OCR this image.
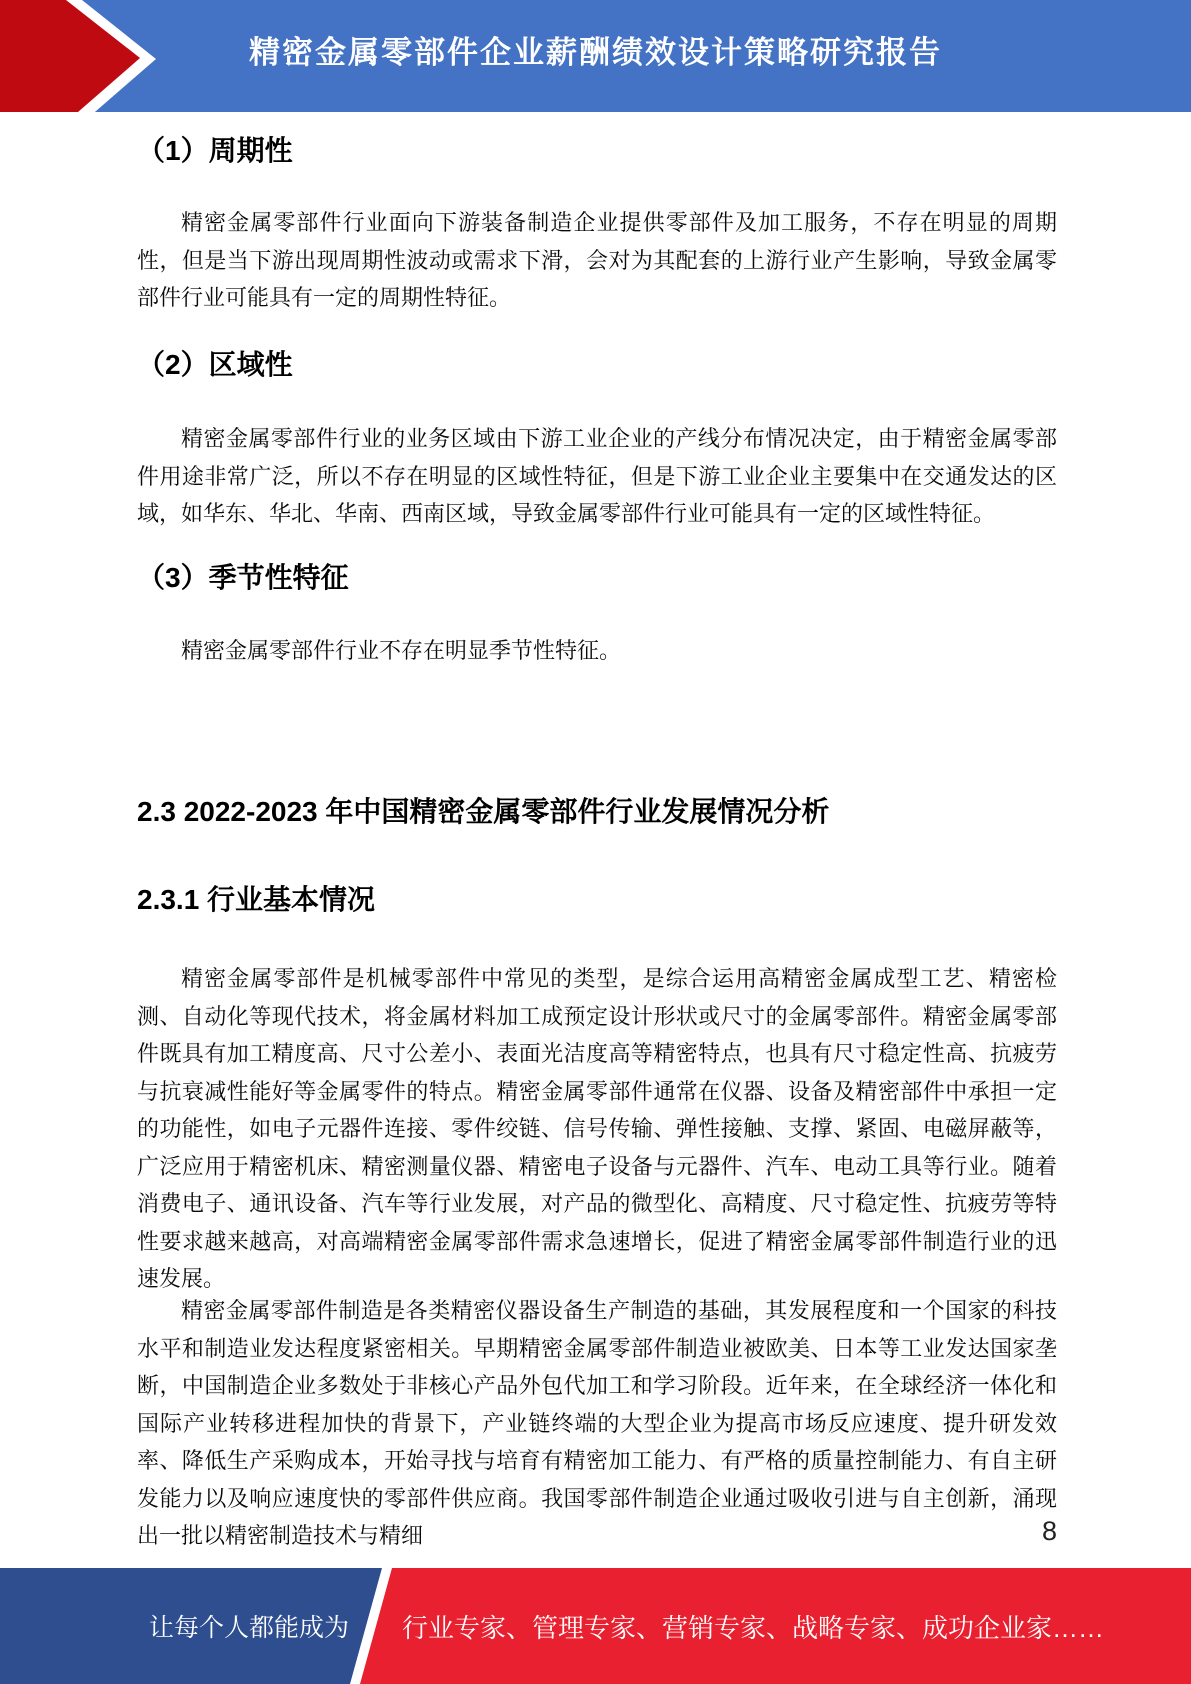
精密金属零部件企业薪酬绩效设计策略研究报告
（1）周期性

精密金属零部件行业面向下游装备制造企业提供零部件及加工服务，不存在明显的周期性，但是当下游出现周期性波动或需求下滑，会对为其配套的上游行业产生影响，导致金属零部件行业可能具有一定的周期性特征。

（2）区域性

精密金属零部件行业的业务区域由下游工业企业的产线分布情况决定，由于精密金属零部件用途非常广泛，所以不存在明显的区域性特征，但是下游工业企业主要集中在交通发达的区域，如华东、华北、华南、西南区域，导致金属零部件行业可能具有一定的区域性特征。

（3）季节性特征

精密金属零部件行业不存在明显季节性特征。

2.3 2022-2023 年中国精密金属零部件行业发展情况分析
2.3.1 行业基本情况

精密金属零部件是机械零部件中常见的类型，是综合运用高精密金属成型工艺、精密检测、自动化等现代技术，将金属材料加工成预定设计形状或尺寸的金属零部件。精密金属零部件既具有加工精度高、尺寸公差小、表面光洁度高等精密特点，也具有尺寸稳定性高、抗疲劳与抗衰减性能好等金属零件的特点。精密金属零部件通常在仪器、设备及精密部件中承担一定的功能性，如电子元器件连接、零件绞链、信号传输、弹性接触、支撑、紧固、电磁屏蔽等，广泛应用于精密机床、精密测量仪器、精密电子设备与元器件、汽车、电动工具等行业。随着消费电子、通讯设备、汽车等行业发展，对产品的微型化、高精度、尺寸稳定性、抗疲劳等特性要求越来越高，对高端精密金属零部件需求急速增长，促进了精密金属零部件制造行业的迅速发展。

精密金属零部件制造是各类精密仪器设备生产制造的基础，其发展程度和一个国家的科技水平和制造业发达程度紧密相关。早期精密金属零部件制造业被欧美、日本等工业发达国家垄断，中国制造企业多数处于非核心产品外包代加工和学习阶段。近年来，在全球经济一体化和国际产业转移进程加快的背景下，产业链终端的大型企业为提高市场反应速度、提升研发效率、降低生产采购成本，开始寻找与培育有精密加工能力、有严格的质量控制能力、有自主研发能力以及响应速度快的零部件供应商。我国零部件制造企业通过吸收引进与自主创新，涌现出一批以精密制造技术与精细	8
让每个人都能成为	行业专家、管理专家、营销专家、战略专家、成功企业家……
